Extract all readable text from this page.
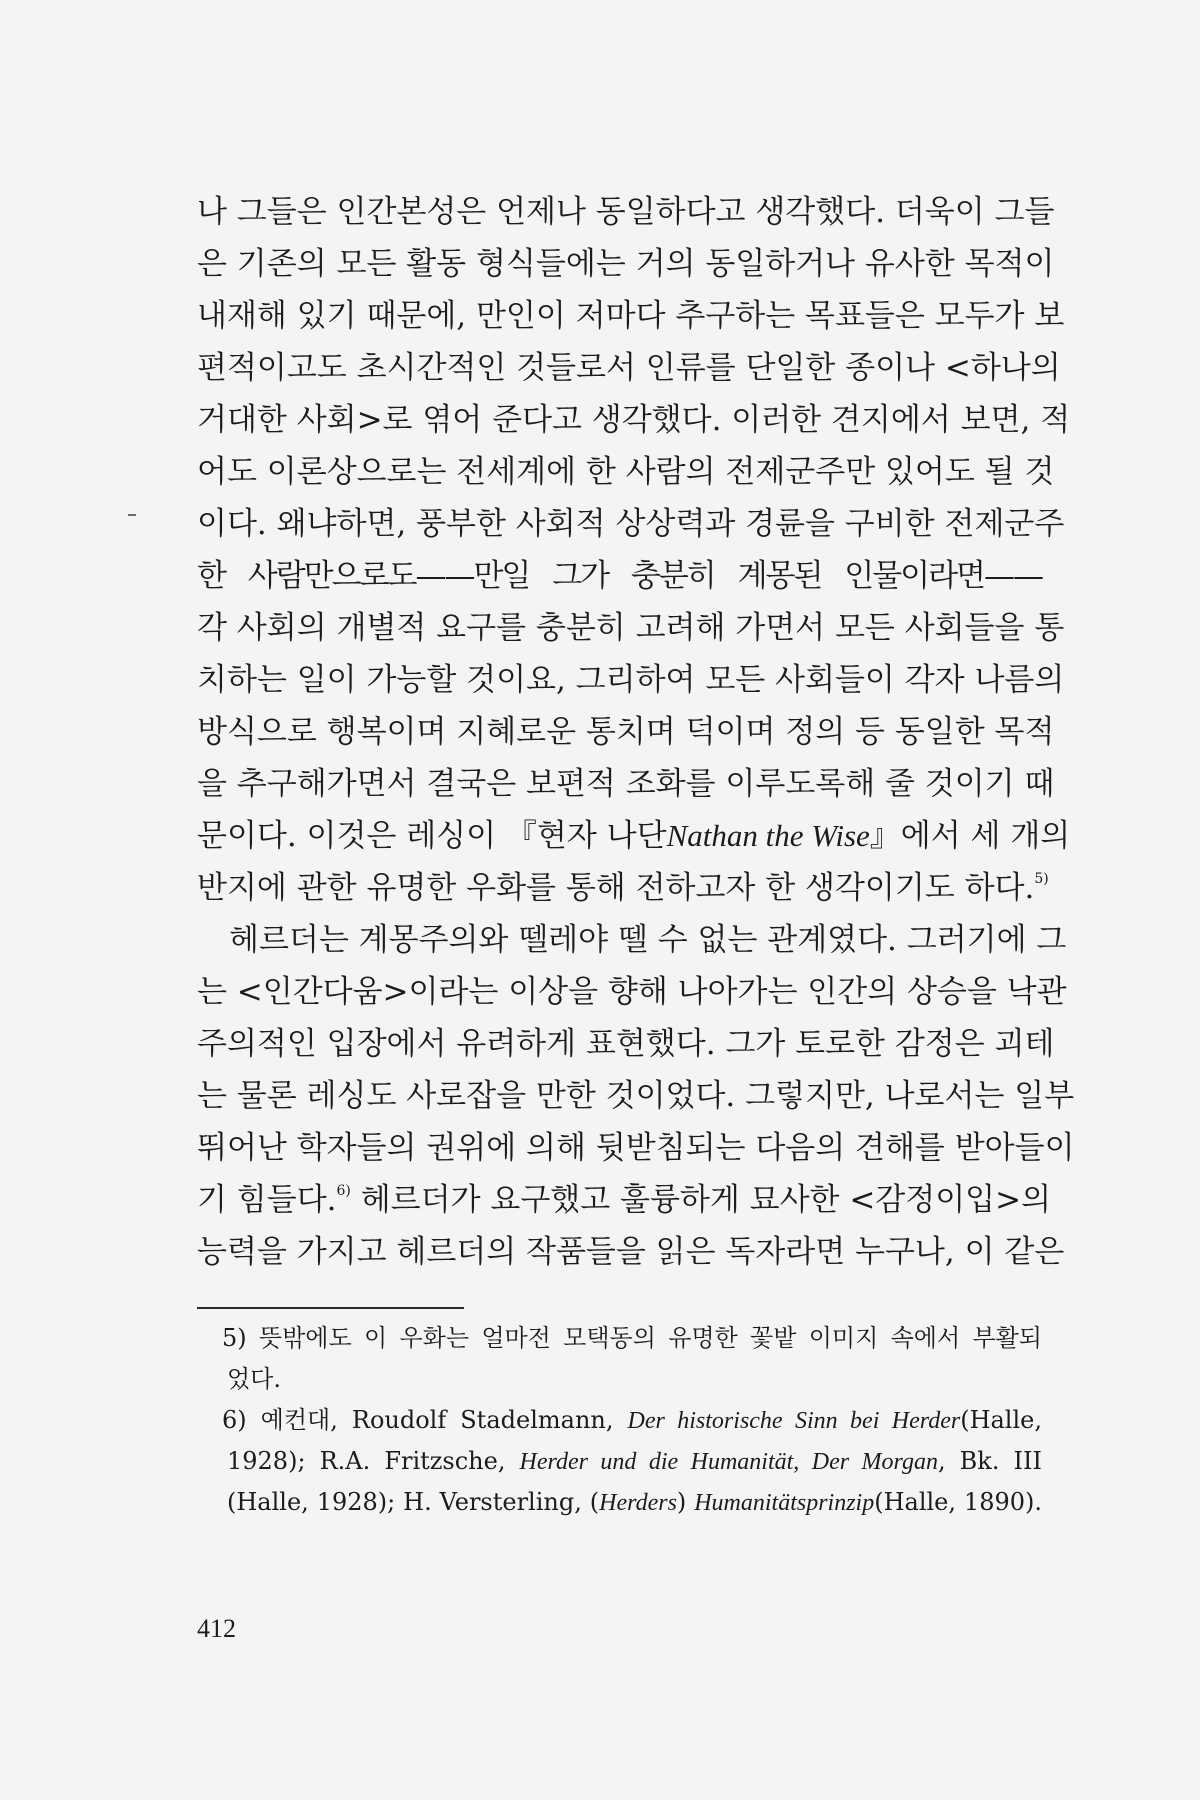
나 그들은 인간본성은 언제나 동일하다고 생각했다. 더욱이 그들
은 기존의 모든 활동 형식들에는 거의 동일하거나 유사한 목적이
내재해 있기 때문에, 만인이 저마다 추구하는 목표들은 모두가 보
편적이고도 초시간적인 것들로서 인류를 단일한 종이나 <하나의
거대한 사회>로 엮어 준다고 생각했다. 이러한 견지에서 보면, 적
어도 이론상으로는 전세계에 한 사람의 전제군주만 있어도 될 것
이다. 왜냐하면, 풍부한 사회적 상상력과 경륜을 구비한 전제군주
한 사람만으로도——만일 그가 충분히 계몽된 인물이라면——
각 사회의 개별적 요구를 충분히 고려해 가면서 모든 사회들을 통
치하는 일이 가능할 것이요, 그리하여 모든 사회들이 각자 나름의
방식으로 행복이며 지혜로운 통치며 덕이며 정의 등 동일한 목적
을 추구해가면서 결국은 보편적 조화를 이루도록해 줄 것이기 때
문이다. 이것은 레싱이 『현자 나단Nathan the Wise』에서 세 개의
반지에 관한 유명한 우화를 통해 전하고자 한 생각이기도 하다.$^{5)}$
헤르더는 계몽주의와 뗄레야 뗄 수 없는 관계였다. 그러기에 그
는 <인간다움>이라는 이상을 향해 나아가는 인간의 상승을 낙관
주의적인 입장에서 유려하게 표현했다. 그가 토로한 감정은 괴테
는 물론 레싱도 사로잡을 만한 것이었다. 그렇지만, 나로서는 일부
뛰어난 학자들의 권위에 의해 뒷받침되는 다음의 견해를 받아들이
기 힘들다.$^{6)}$ 헤르더가 요구했고 훌륭하게 묘사한 <감정이입>의
능력을 가지고 헤르더의 작품들을 읽은 독자라면 누구나, 이 같은
5) 뜻밖에도 이 우화는 얼마전 모택동의 유명한 꽃밭 이미지 속에서 부활되
었다.
6) 예컨대, Roudolf Stadelmann, Der historische Sinn bei Herder(Halle,
1928); R.A. Fritzsche, Herder und die Humanität, Der Morgan, Bk. III
(Halle, 1928); H. Versterling, (Herders) Humanitätsprinzip(Halle, 1890).
412
